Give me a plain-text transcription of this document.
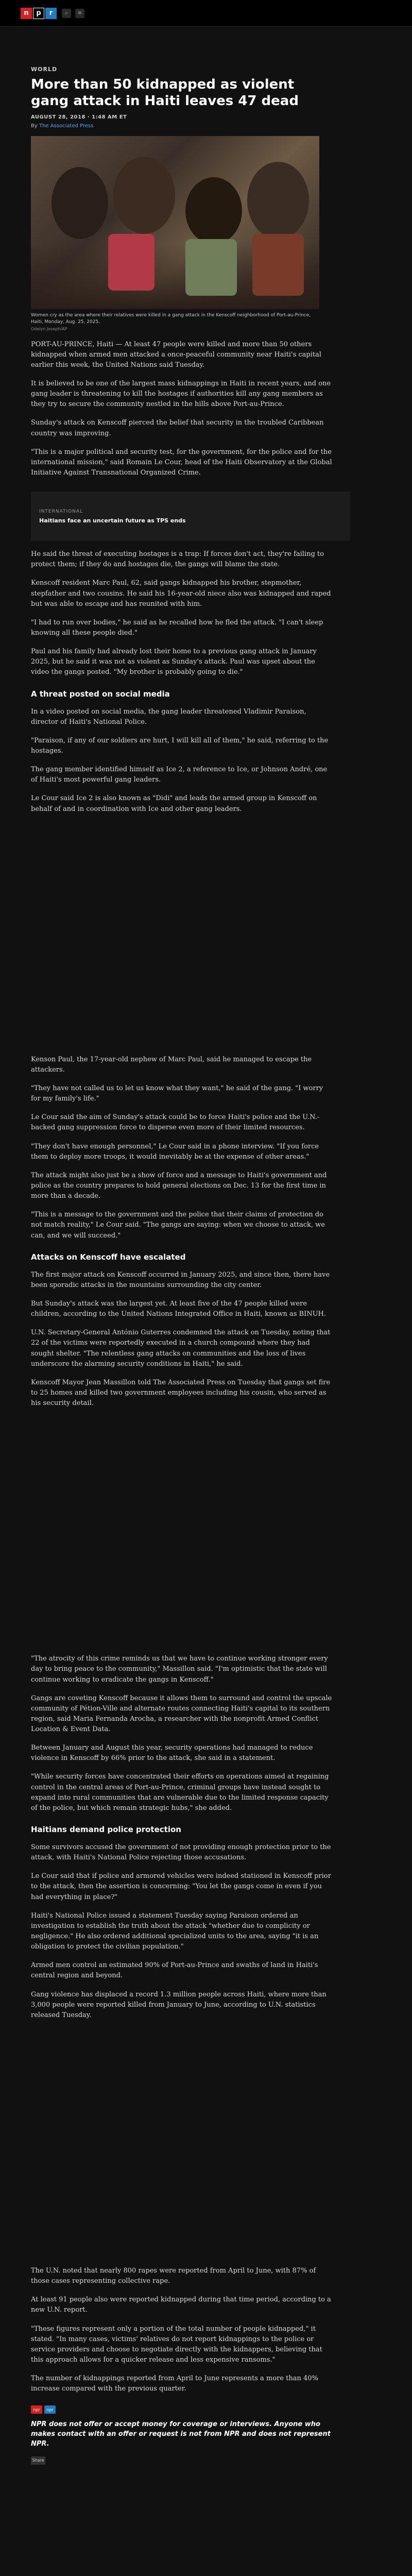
n	p	r	⌕	≡
WORLD
More than 50 kidnapped as violent gang attack in Haiti leaves 47 dead
AUGUST 28, 2018 · 1:48 AM ET
By The Associated Press
Women cry as the area where their relatives were killed in a gang attack in the Kenscoff neighborhood of Port-au-Prince, Haiti, Monday, Aug. 25, 2025.
Odelyn Joseph/AP

PORT-AU-PRINCE, Haiti — At least 47 people were killed and more than 50 others kidnapped when armed men attacked a once-peaceful community near Haiti's capital earlier this week, the United Nations said Tuesday.

It is believed to be one of the largest mass kidnappings in Haiti in recent years, and one gang leader is threatening to kill the hostages if authorities kill any gang members as they try to secure the community nestled in the hills above Port-au-Prince.

Sunday's attack on Kenscoff pierced the belief that security in the troubled Caribbean country was improving.

"This is a major political and security test, for the government, for the police and for the international mission," said Romain Le Cour, head of the Haiti Observatory at the Global Initiative Against Transnational Organized Crime.

INTERNATIONAL
Haitians face an uncertain future as TPS ends

He said the threat of executing hostages is a trap: If forces don't act, they're failing to protect them; if they do and hostages die, the gangs will blame the state.

Kenscoff resident Marc Paul, 62, said gangs kidnapped his brother, stepmother, stepfather and two cousins. He said his 16-year-old niece also was kidnapped and raped but was able to escape and has reunited with him.

"I had to run over bodies," he said as he recalled how he fled the attack. "I can't sleep knowing all these people died."

Paul and his family had already lost their home to a previous gang attack in January 2025, but he said it was not as violent as Sunday's attack. Paul was upset about the video the gangs posted. "My brother is probably going to die."

A threat posted on social media

In a video posted on social media, the gang leader threatened Vladimir Paraison, director of Haiti's National Police.

"Paraison, if any of our soldiers are hurt, I will kill all of them," he said, referring to the hostages.

The gang member identified himself as Ice 2, a reference to Ice, or Johnson André, one of Haiti's most powerful gang leaders.

Le Cour said Ice 2 is also known as "Didi" and leads the armed group in Kenscoff on behalf of and in coordination with Ice and other gang leaders.

Kenson Paul, the 17-year-old nephew of Marc Paul, said he managed to escape the attackers.

"They have not called us to let us know what they want," he said of the gang. "I worry for my family's life."

Le Cour said the aim of Sunday's attack could be to force Haiti's police and the U.N.-backed gang suppression force to disperse even more of their limited resources.

"They don't have enough personnel," Le Cour said in a phone interview. "If you force them to deploy more troops, it would inevitably be at the expense of other areas."

The attack might also just be a show of force and a message to Haiti's government and police as the country prepares to hold general elections on Dec. 13 for the first time in more than a decade.

"This is a message to the government and the police that their claims of protection do not match reality," Le Cour said. "The gangs are saying: when we choose to attack, we can, and we will succeed."

Attacks on Kenscoff have escalated

The first major attack on Kenscoff occurred in January 2025, and since then, there have been sporadic attacks in the mountains surrounding the city center.

But Sunday's attack was the largest yet. At least five of the 47 people killed were children, according to the United Nations Integrated Office in Haiti, known as BINUH.

U.N. Secretary-General António Guterres condemned the attack on Tuesday, noting that 22 of the victims were reportedly executed in a church compound where they had sought shelter. "The relentless gang attacks on communities and the loss of lives underscore the alarming security conditions in Haiti," he said.

Kenscoff Mayor Jean Massillon told The Associated Press on Tuesday that gangs set fire to 25 homes and killed two government employees including his cousin, who served as his security detail.

"The atrocity of this crime reminds us that we have to continue working stronger every day to bring peace to the community," Massillon said. "I'm optimistic that the state will continue working to eradicate the gangs in Kenscoff."

Gangs are coveting Kenscoff because it allows them to surround and control the upscale community of Pétion-Ville and alternate routes connecting Haiti's capital to its southern region, said Maria Fernanda Arocha, a researcher with the nonprofit Armed Conflict Location & Event Data.

Between January and August this year, security operations had managed to reduce violence in Kenscoff by 66% prior to the attack, she said in a statement.

"While security forces have concentrated their efforts on operations aimed at regaining control in the central areas of Port-au-Prince, criminal groups have instead sought to expand into rural communities that are vulnerable due to the limited response capacity of the police, but which remain strategic hubs," she added.

Haitians demand police protection

Some survivors accused the government of not providing enough protection prior to the attack, with Haiti's National Police rejecting those accusations.

Le Cour said that if police and armored vehicles were indeed stationed in Kenscoff prior to the attack, then the assertion is concerning: "You let the gangs come in even if you had everything in place?"

Haiti's National Police issued a statement Tuesday saying Paraison ordered an investigation to establish the truth about the attack "whether due to complicity or negligence." He also ordered additional specialized units to the area, saying "it is an obligation to protect the civilian population."

Armed men control an estimated 90% of Port-au-Prince and swaths of land in Haiti's central region and beyond.

Gang violence has displaced a record 1.3 million people across Haiti, where more than 3,000 people were reported killed from January to June, according to U.N. statistics released Tuesday.

The U.N. noted that nearly 800 rapes were reported from April to June, with 87% of those cases representing collective rape.

At least 91 people also were reported kidnapped during that time period, according to a new U.N. report.

"These figures represent only a portion of the total number of people kidnapped," it stated. "In many cases, victims' relatives do not report kidnappings to the police or service providers and choose to negotiate directly with the kidnappers, believing that this approach allows for a quicker release and less expensive ransoms."

The number of kidnappings reported from April to June represents a more than 40% increase compared with the previous quarter.

npr	npr
NPR does not offer or accept money for coverage or interviews. Anyone who makes contact with an offer or request is not from NPR and does not represent NPR.
Share
